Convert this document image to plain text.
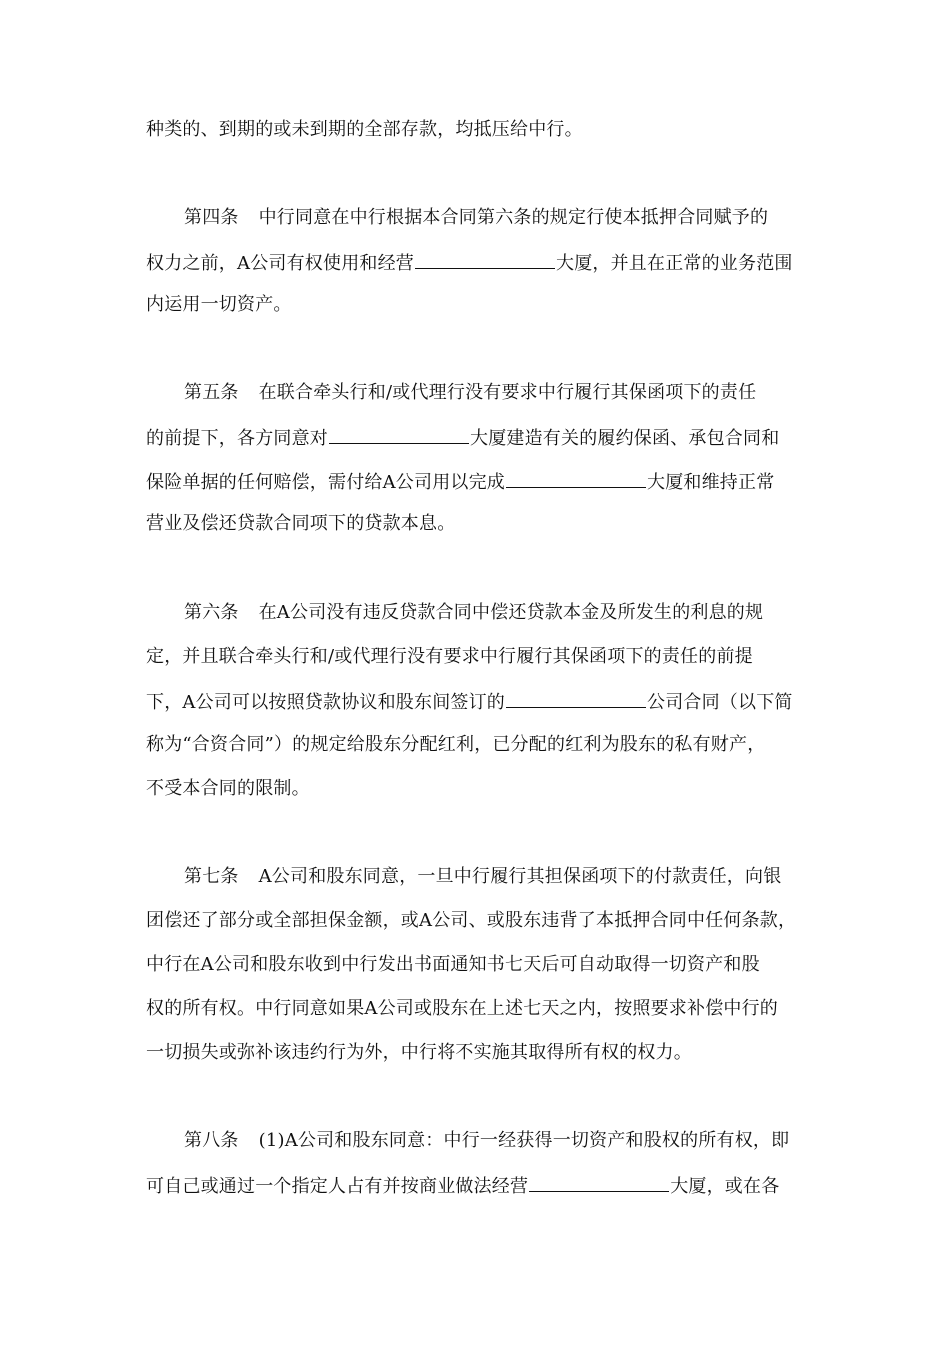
种类的、到期的或未到期的全部存款，均抵压给中行。
第四条 中行同意在中行根据本合同第六条的规定行使本抵押合同赋予的
权力之前，A公司有权使用和经营	大厦，并且在正常的业务范围
内运用一切资产。
第五条 在联合牵头行和/或代理行没有要求中行履行其保函项下的责任
的前提下，各方同意对	大厦建造有关的履约保函、承包合同和
保险单据的任何赔偿，需付给A公司用以完成	大厦和维持正常
营业及偿还贷款合同项下的贷款本息。
第六条 在A公司没有违反贷款合同中偿还贷款本金及所发生的利息的规
定，并且联合牵头行和/或代理行没有要求中行履行其保函项下的责任的前提
下，A公司可以按照贷款协议和股东间签订的	公司合同（以下简
称为“合资合同”）的规定给股东分配红利，已分配的红利为股东的私有财产，
不受本合同的限制。
第七条 A公司和股东同意，一旦中行履行其担保函项下的付款责任，向银
团偿还了部分或全部担保金额，或A公司、或股东违背了本抵押合同中任何条款，
中行在A公司和股东收到中行发出书面通知书七天后可自动取得一切资产和股
权的所有权。中行同意如果A公司或股东在上述七天之内，按照要求补偿中行的
一切损失或弥补该违约行为外，中行将不实施其取得所有权的权力。
第八条 (1)A公司和股东同意：中行一经获得一切资产和股权的所有权，即
可自己或通过一个指定人占有并按商业做法经营	大厦，或在各
